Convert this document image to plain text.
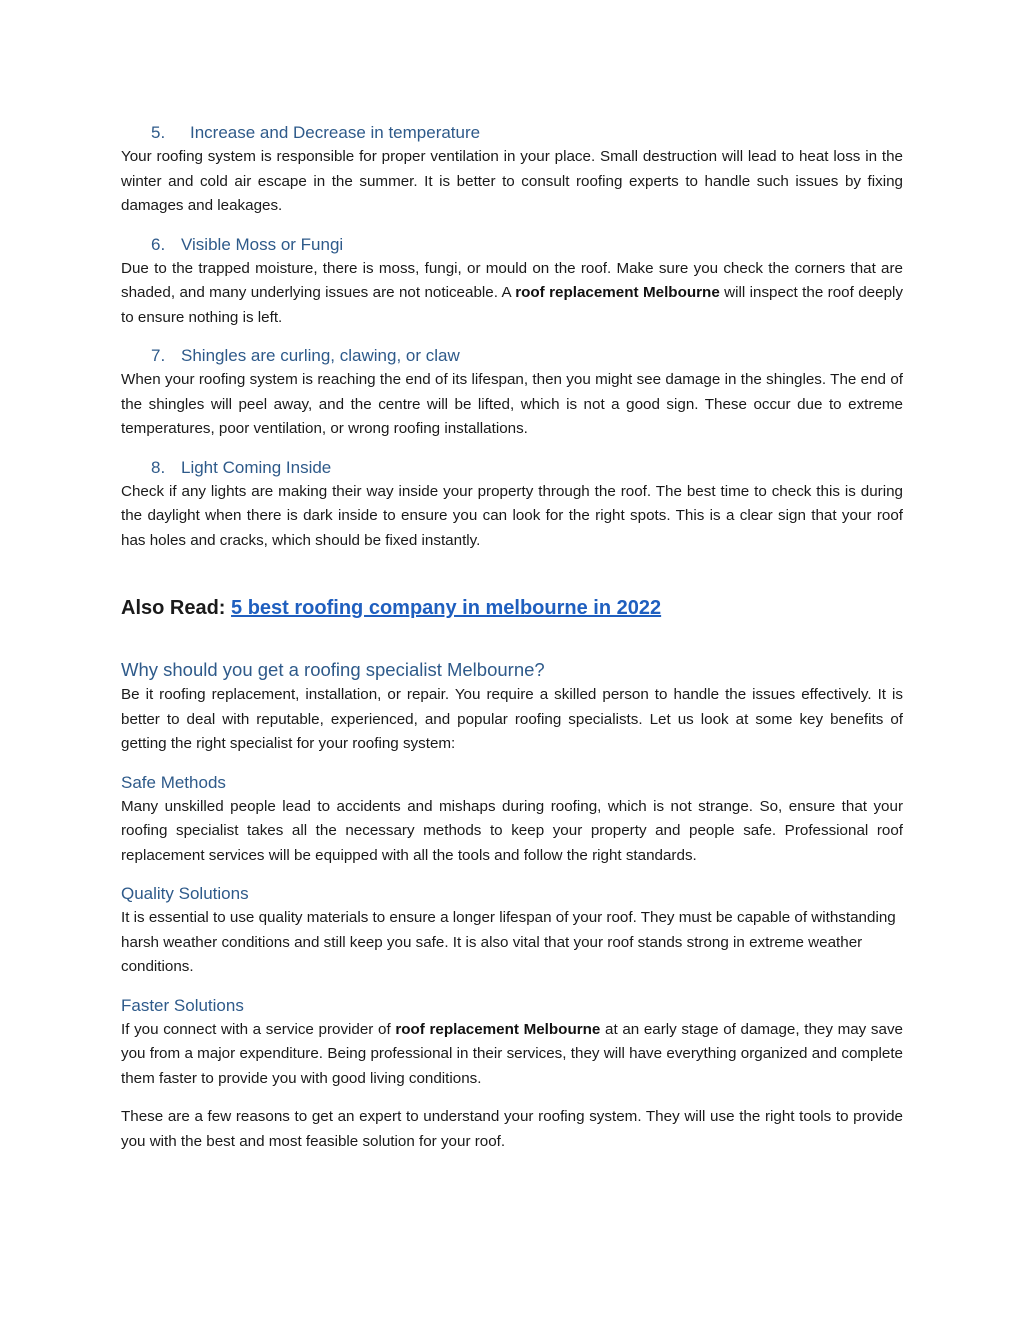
5. Increase and Decrease in temperature

Your roofing system is responsible for proper ventilation in your place. Small destruction will lead to heat loss in the winter and cold air escape in the summer. It is better to consult roofing experts to handle such issues by fixing damages and leakages.

6. Visible Moss or Fungi

Due to the trapped moisture, there is moss, fungi, or mould on the roof. Make sure you check the corners that are shaded, and many underlying issues are not noticeable. A roof replacement Melbourne will inspect the roof deeply to ensure nothing is left.

7. Shingles are curling, clawing, or claw

When your roofing system is reaching the end of its lifespan, then you might see damage in the shingles. The end of the shingles will peel away, and the centre will be lifted, which is not a good sign. These occur due to extreme temperatures, poor ventilation, or wrong roofing installations.

8. Light Coming Inside

Check if any lights are making their way inside your property through the roof. The best time to check this is during the daylight when there is dark inside to ensure you can look for the right spots. This is a clear sign that your roof has holes and cracks, which should be fixed instantly.

Also Read: 5 best roofing company in melbourne in 2022
Why should you get a roofing specialist Melbourne?

Be it roofing replacement, installation, or repair. You require a skilled person to handle the issues effectively. It is better to deal with reputable, experienced, and popular roofing specialists. Let us look at some key benefits of getting the right specialist for your roofing system:

Safe Methods

Many unskilled people lead to accidents and mishaps during roofing, which is not strange. So, ensure that your roofing specialist takes all the necessary methods to keep your property and people safe. Professional roof replacement services will be equipped with all the tools and follow the right standards.

Quality Solutions

It is essential to use quality materials to ensure a longer lifespan of your roof. They must be capable of withstanding harsh weather conditions and still keep you safe. It is also vital that your roof stands strong in extreme weather conditions.

Faster Solutions

If you connect with a service provider of roof replacement Melbourne at an early stage of damage, they may save you from a major expenditure. Being professional in their services, they will have everything organized and complete them faster to provide you with good living conditions.

These are a few reasons to get an expert to understand your roofing system. They will use the right tools to provide you with the best and most feasible solution for your roof.
